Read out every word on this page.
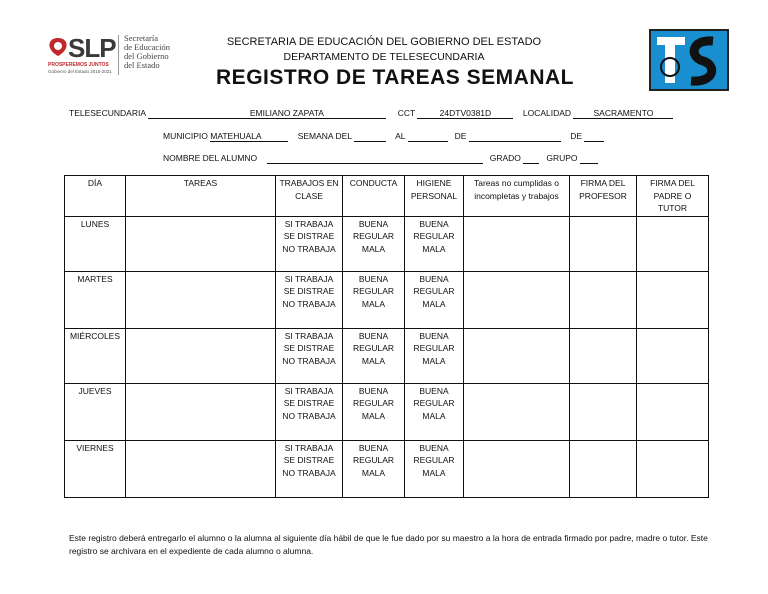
SLP
PROSPEREMOS JUNTOS
Gobierno del Estado 2015-2021
Secretaría
de Educación
del Gobierno
del Estado
SECRETARIA DE EDUCACIÓN DEL GOBIERNO DEL ESTADO
DEPARTAMENTO DE TELESECUNDARIA
REGISTRO DE TAREAS SEMANAL
TELESECUNDARIA	EMILIANO ZAPATA	CCT	24DTV0381D	LOCALIDAD	SACRAMENTO
MUNICIPIO MATEHUALA	SEMANA DEL	AL	DE	DE
NOMBRE DEL ALUMNO	GRADO	GRUPO
DÍA	TAREAS	TRABAJOS EN CLASE	CONDUCTA	HIGIENE PERSONAL	Tareas no cumplidas o incompletas y trabajos	FIRMA DEL PROFESOR	FIRMA DEL PADRE O TUTOR
LUNES		SI TRABAJA
SE DISTRAE
NO TRABAJA	BUENA
REGULAR
MALA	BUENA
REGULAR
MALA			

MARTES		SI TRABAJA
SE DISTRAE
NO TRABAJA	BUENA
REGULAR
MALA	BUENA
REGULAR
MALA			

MIÉRCOLES		SI TRABAJA
SE DISTRAE
NO TRABAJA	BUENA
REGULAR
MALA	BUENA
REGULAR
MALA			

JUEVES		SI TRABAJA
SE DISTRAE
NO TRABAJA	BUENA
REGULAR
MALA	BUENA
REGULAR
MALA			

VIERNES		SI TRABAJA
SE DISTRAE
NO TRABAJA	BUENA
REGULAR
MALA	BUENA
REGULAR
MALA			

Este registro deberá entregarlo el alumno o la alumna al siguiente día hábil de que le fue dado por su maestro a la hora de entrada firmado por padre, madre o tutor. Este registro se archivara en el expediente de cada alumno o alumna.
